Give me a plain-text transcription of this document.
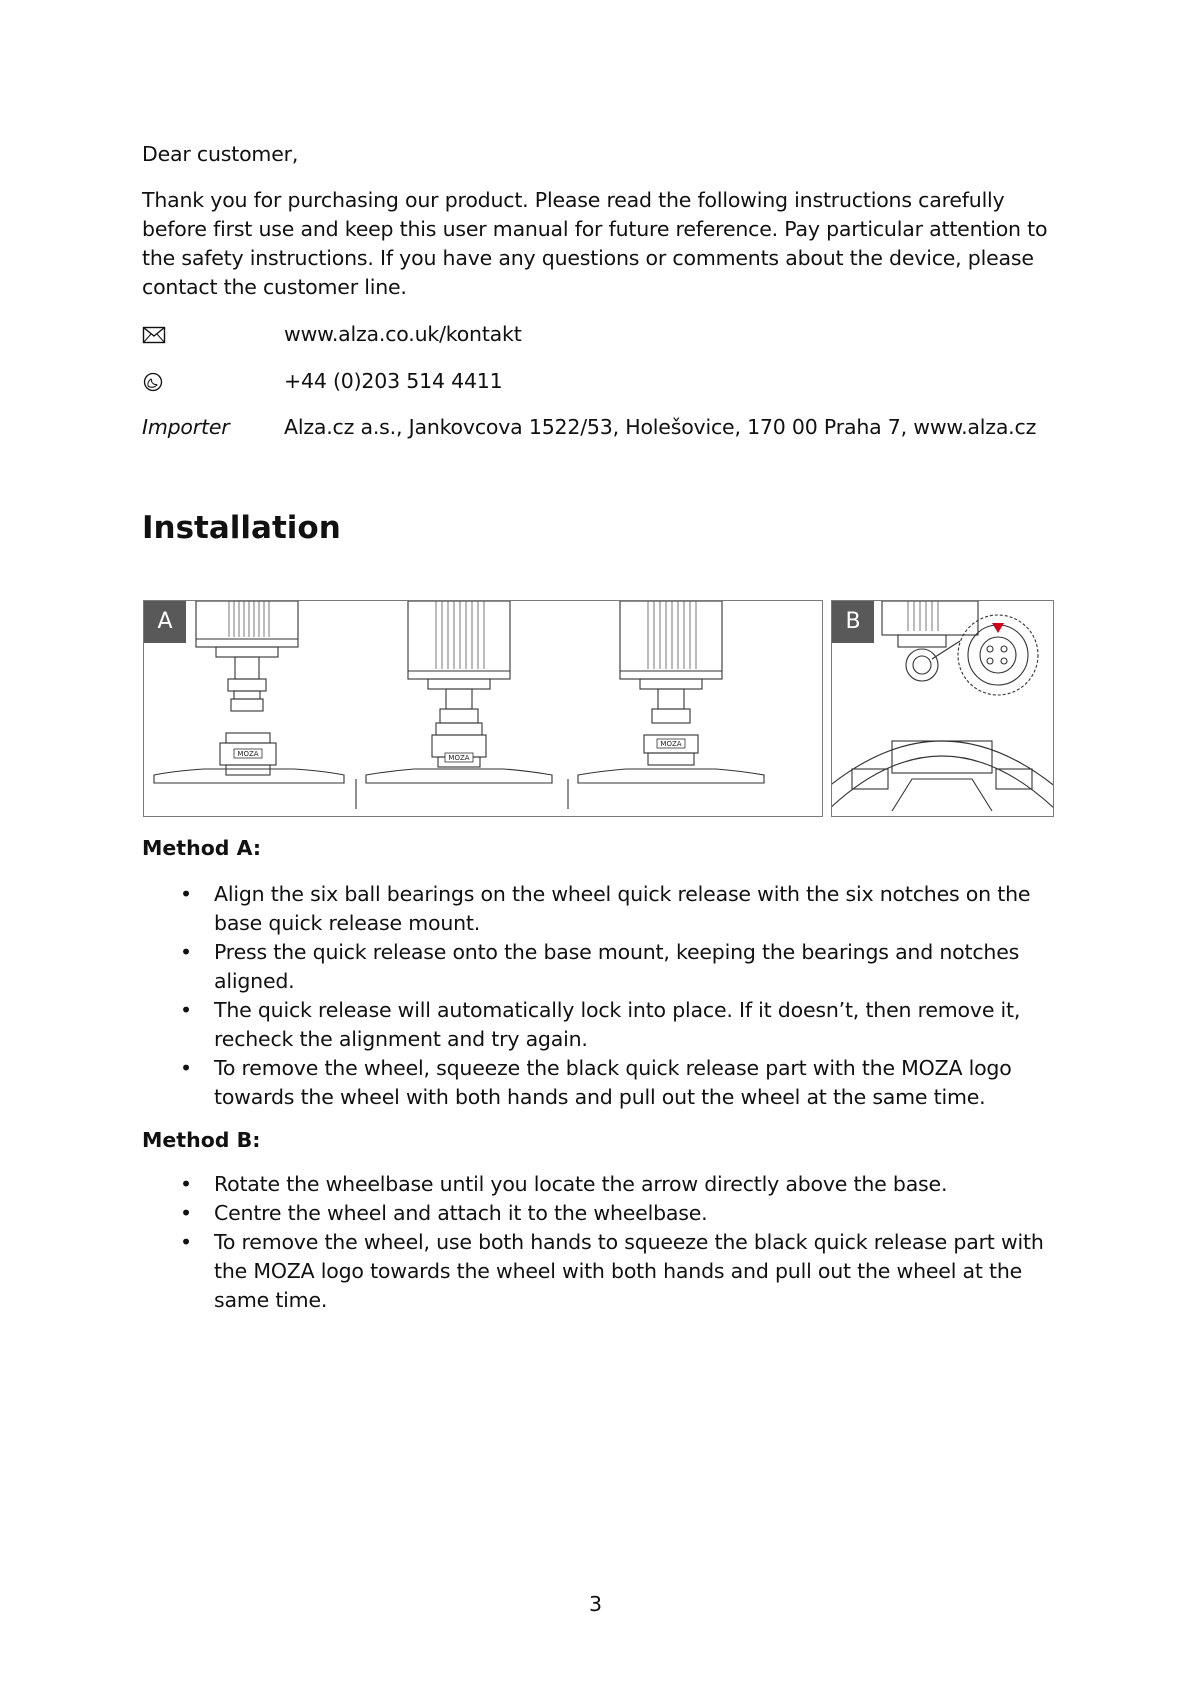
Dear customer,
Thank you for purchasing our product. Please read the following instructions carefully before first use and keep this user manual for future reference. Pay particular attention to the safety instructions. If you have any questions or comments about the device, please contact the customer line.
www.alza.co.uk/kontakt
+44 (0)203 514 4411
Importer	Alza.cz a.s., Jankovcova 1522/53, Holešovice, 170 00 Praha 7, www.alza.cz
Installation
MOZA	MOZA
MOZA
A	B
Method A:
• Align the six ball bearings on the wheel quick release with the six notches on the base quick release mount.
• Press the quick release onto the base mount, keeping the bearings and notches aligned.
• The quick release will automatically lock into place. If it doesn’t, then remove it, recheck the alignment and try again.
• To remove the wheel, squeeze the black quick release part with the MOZA logo towards the wheel with both hands and pull out the wheel at the same time.
Method B:
• Rotate the wheelbase until you locate the arrow directly above the base.
• Centre the wheel and attach it to the wheelbase.
• To remove the wheel, use both hands to squeeze the black quick release part with the MOZA logo towards the wheel with both hands and pull out the wheel at the same time.
3
